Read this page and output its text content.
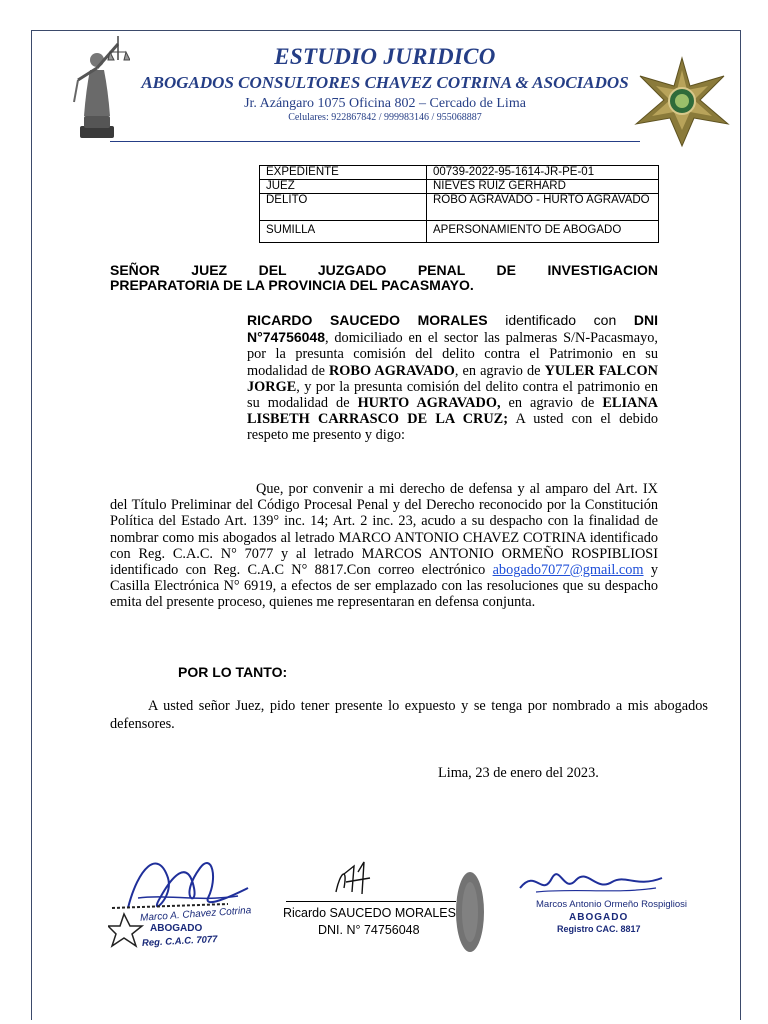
ESTUDIO JURIDICO
ABOGADOS CONSULTORES CHAVEZ COTRINA & ASOCIADOS
Jr. Azángaro 1075 Oficina 802 – Cercado de Lima
Celulares: 922867842 / 999983146 / 955068887
EXPEDIENTE	00739-2022-95-1614-JR-PE-01
JUEZ	NIEVES RUIZ GERHARD
DELITO	ROBO AGRAVADO - HURTO AGRAVADO
SUMILLA	APERSONAMIENTO DE ABOGADO
SEÑOR JUEZ DEL JUZGADO PENAL DE INVESTIGACION
PREPARATORIA DE LA PROVINCIA DEL PACASMAYO.
RICARDO SAUCEDO MORALES identificado con DNI N°74756048, domiciliado en el sector las palmeras S/N-Pacasmayo, por la presunta comisión del delito contra el Patrimonio en su modalidad de ROBO AGRAVADO, en agravio de YULER FALCON JORGE, y por la presunta comisión del delito contra el patrimonio en su modalidad de HURTO AGRAVADO, en agravio de ELIANA LISBETH CARRASCO DE LA CRUZ; A usted con el debido respeto me presento y digo:
Que, por convenir a mi derecho de defensa y al amparo del Art. IX del Título Preliminar del Código Procesal Penal y del Derecho reconocido por la Constitución Política del Estado Art. 139° inc. 14; Art. 2 inc. 23, acudo a su despacho con la finalidad de nombrar como mis abogados al letrado MARCO ANTONIO CHAVEZ COTRINA identificado con Reg. C.A.C. N° 7077 y al letrado MARCOS ANTONIO ORMEÑO ROSPIBLIOSI identificado con Reg. C.A.C N° 8817.Con correo electrónico abogado7077@gmail.com y Casilla Electrónica N° 6919, a efectos de ser emplazado con las resoluciones que su despacho emita del presente proceso, quienes me representaran en defensa conjunta.
POR LO TANTO:
A usted señor Juez, pido tener presente lo expuesto y se tenga por nombrado a mis abogados defensores.
Lima, 23 de enero del 2023.
Marco A. Chavez Cotrina
ABOGADO
Reg. C.A.C. 7077
Ricardo SAUCEDO MORALES
DNI. N° 74756048
Marcos Antonio Ormeño Rospigliosi
ABOGADO
Registro CAC. 8817
